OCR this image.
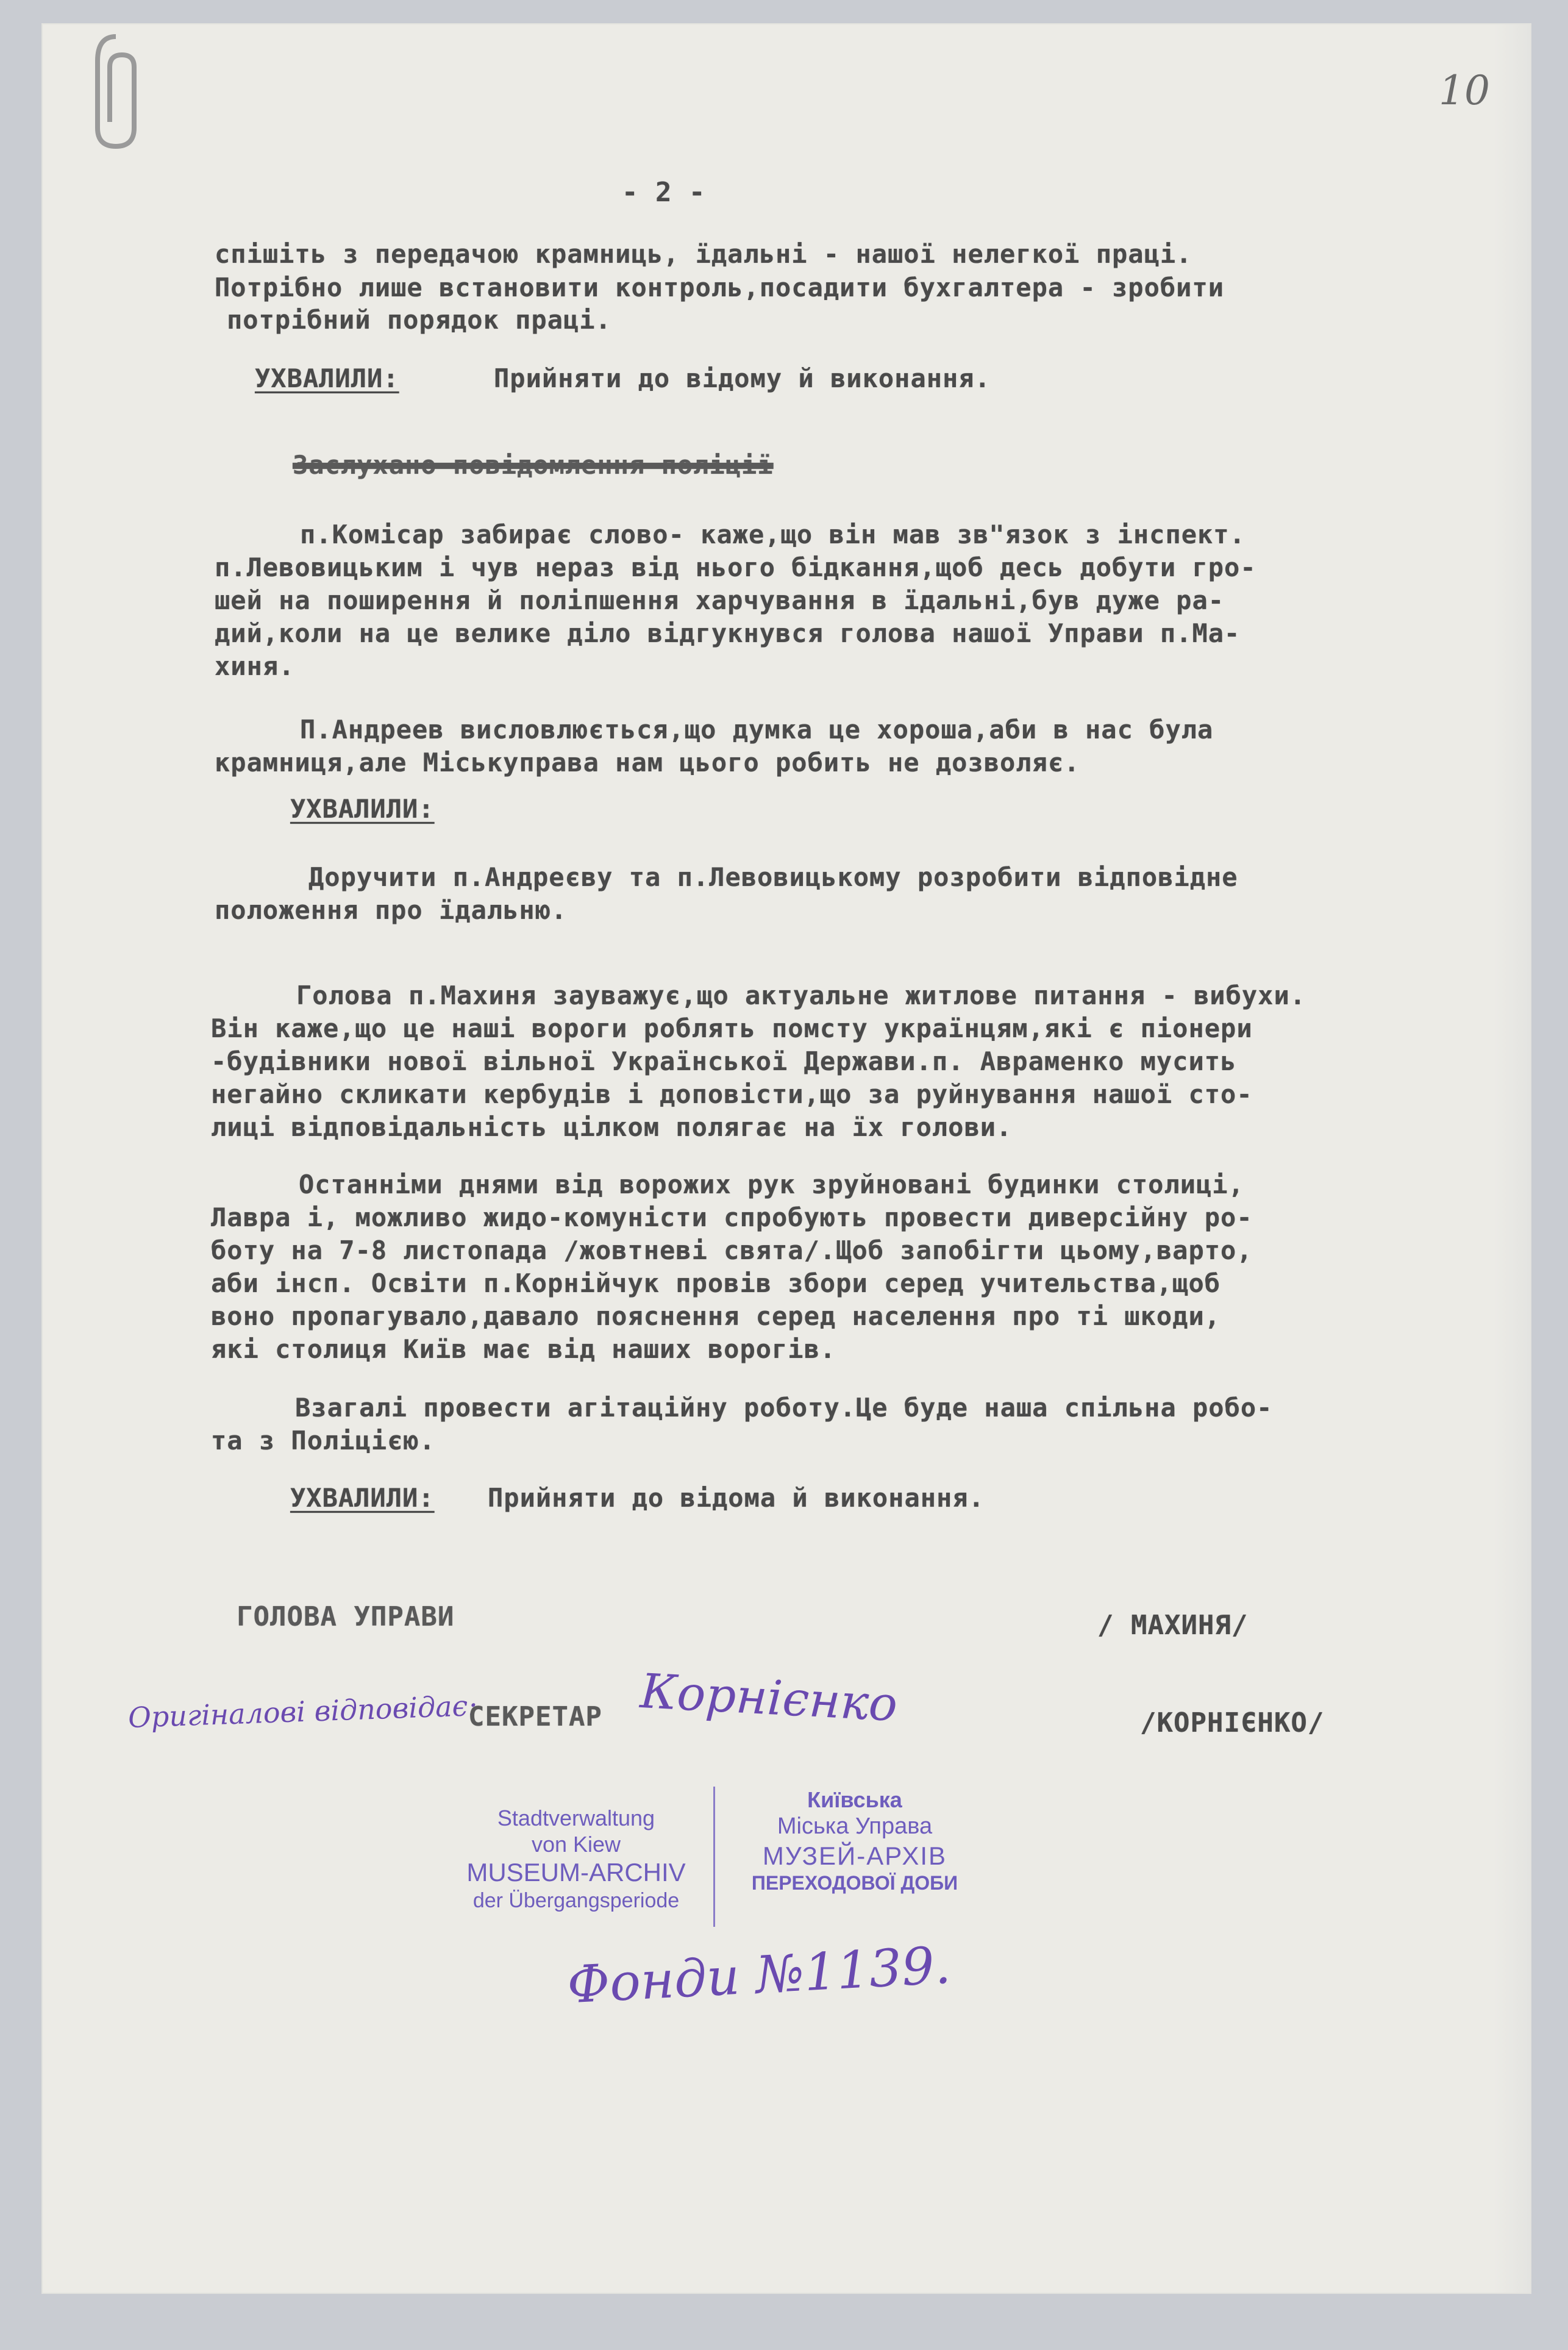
10
- 2 -
спішіть з передачою крамниць, їдальні - нашої нелегкої праці.
Потрібно лише встановити контроль,посадити бухгалтера - зробити
потрібний порядок праці.
УХВАЛИЛИ:	Прийняти до відому й виконання.
Заслухано повідомлення поліції
п.Комісар забирає слово- каже,що він мав зв"язок з інспект.
п.Левовицьким і чув нераз від нього бідкання,щоб десь добути гро-
шей на поширення й поліпшення харчування в їдальні,був дуже ра-
дий,коли на це велике діло відгукнувся голова нашої Управи п.Ма-
хиня.
П.Андреев висловлюється,що думка це хороша,аби в нас була
крамниця,але Міськуправа нам цього робить не дозволяє.
УХВАЛИЛИ:
Доручити п.Андреєву та п.Левовицькому розробити відповідне
положення про їдальню.
Голова п.Махиня зауважує,що актуальне житлове питання - вибухи.
Він каже,що це наші вороги роблять помсту українцям,які є піонери
-будівники нової вільної Української Держави.п. Авраменко мусить
негайно скликати кербудів і доповісти,що за руйнування нашої сто-
лиці відповідальність цілком полягає на їх голови.
Останніми днями від ворожих рук зруйновані будинки столиці,
Лавра і, можливо жидо-комуністи спробують провести диверсійну ро-
боту на 7-8 листопада /жовтневі свята/.Щоб запобігти цьому,варто,
аби інсп. Освіти п.Корнійчук провів збори серед учительства,щоб
воно пропагувало,давало пояснення серед населення про ті шкоди,
які столиця Київ має від наших ворогів.
Взагалі провести агітаційну роботу.Це буде наша спільна робо-
та з Поліцією.
УХВАЛИЛИ: Прийняти до відома й виконання.
ГОЛОВА УПРАВИ	/ МАХИНЯ/
Оригіналові відповідає:
СЕКРЕТАР Корнієнко	/КОРНІЄНКО/
Stadtverwaltung
von Kiew
MUSEUM-ARCHIV
der Übergangsperiode
Київська
Міська Управа
МУЗЕЙ-АРХІВ
ПЕРЕХОДОВОЇ ДОБИ
Фонди №1139.
